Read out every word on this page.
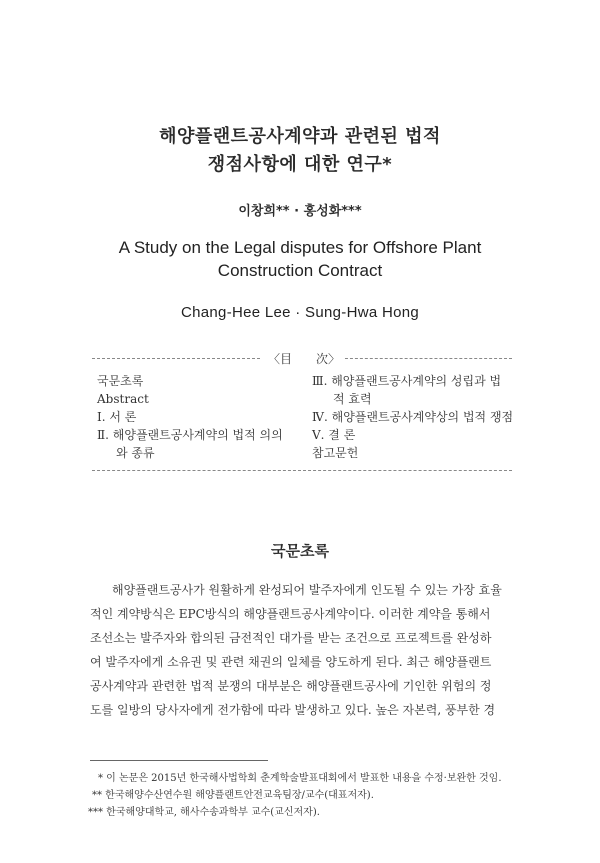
해양플랜트공사계약과 관련된 법적
쟁점사항에 대한 연구*
이창희** · 홍성화***
A Study on the Legal disputes for Offshore Plant
Construction Contract
Chang-Hee Lee · Sung-Hwa Hong
〈目	次〉
국문초록
Abstract
Ⅰ. 서 론
Ⅱ. 해양플랜트공사계약의 법적 의의
와 종류
Ⅲ. 해양플랜트공사계약의 성립과 법
적 효력
Ⅳ. 해양플랜트공사계약상의 법적 쟁점
Ⅴ. 결 론
참고문헌
국문초록
해양플랜트공사가 원활하게 완성되어 발주자에게 인도될 수 있는 가장 효율
적인 계약방식은 EPC방식의 해양플랜트공사계약이다. 이러한 계약을 통해서
조선소는 발주자와 합의된 금전적인 대가를 받는 조건으로 프로젝트를 완성하
여 발주자에게 소유권 및 관련 채권의 일체를 양도하게 된다. 최근 해양플랜트
공사계약과 관련한 법적 분쟁의 대부분은 해양플랜트공사에 기인한 위험의 정
도를 일방의 당사자에게 전가함에 따라 발생하고 있다. 높은 자본력, 풍부한 경
* 이 논문은 2015년 한국해사법학회 춘계학술발표대회에서 발표한 내용을 수정·보완한 것임.
** 한국해양수산연수원 해양플랜트안전교육팀장/교수(대표저자).
*** 한국해양대학교, 해사수송과학부 교수(교신저자).
